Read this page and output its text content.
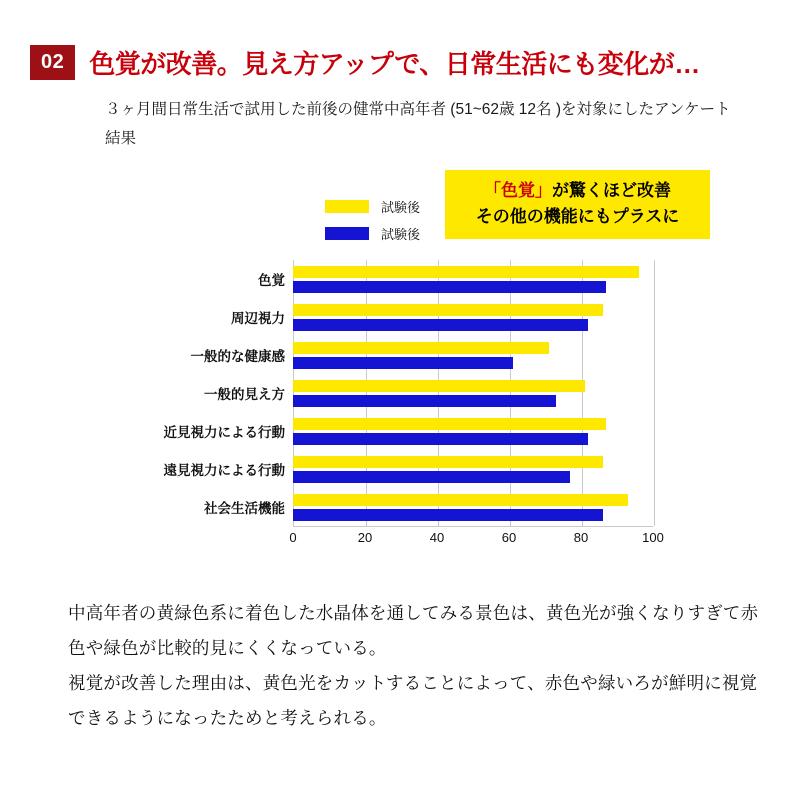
02 色覚が改善。見え方アップで、日常生活にも変化が…
３ヶ月間日常生活で試用した前後の健常中高年者 (51~62歳 12名 )を対象にしたアンケート結果
「色覚」が驚くほど改善
その他の機能にもプラスに
試験後
試験後
色覚
周辺視力
一般的な健康感
一般的見え方
近見視力による行動
遠見視力による行動
社会生活機能
0	20	40	60	80	100

中高年者の黄緑色系に着色した水晶体を通してみる景色は、黄色光が強くなりすぎて赤色や緑色が比較的見にくくなっている。

視覚が改善した理由は、黄色光をカットすることによって、赤色や緑いろが鮮明に視覚できるようになったためと考えられる。
